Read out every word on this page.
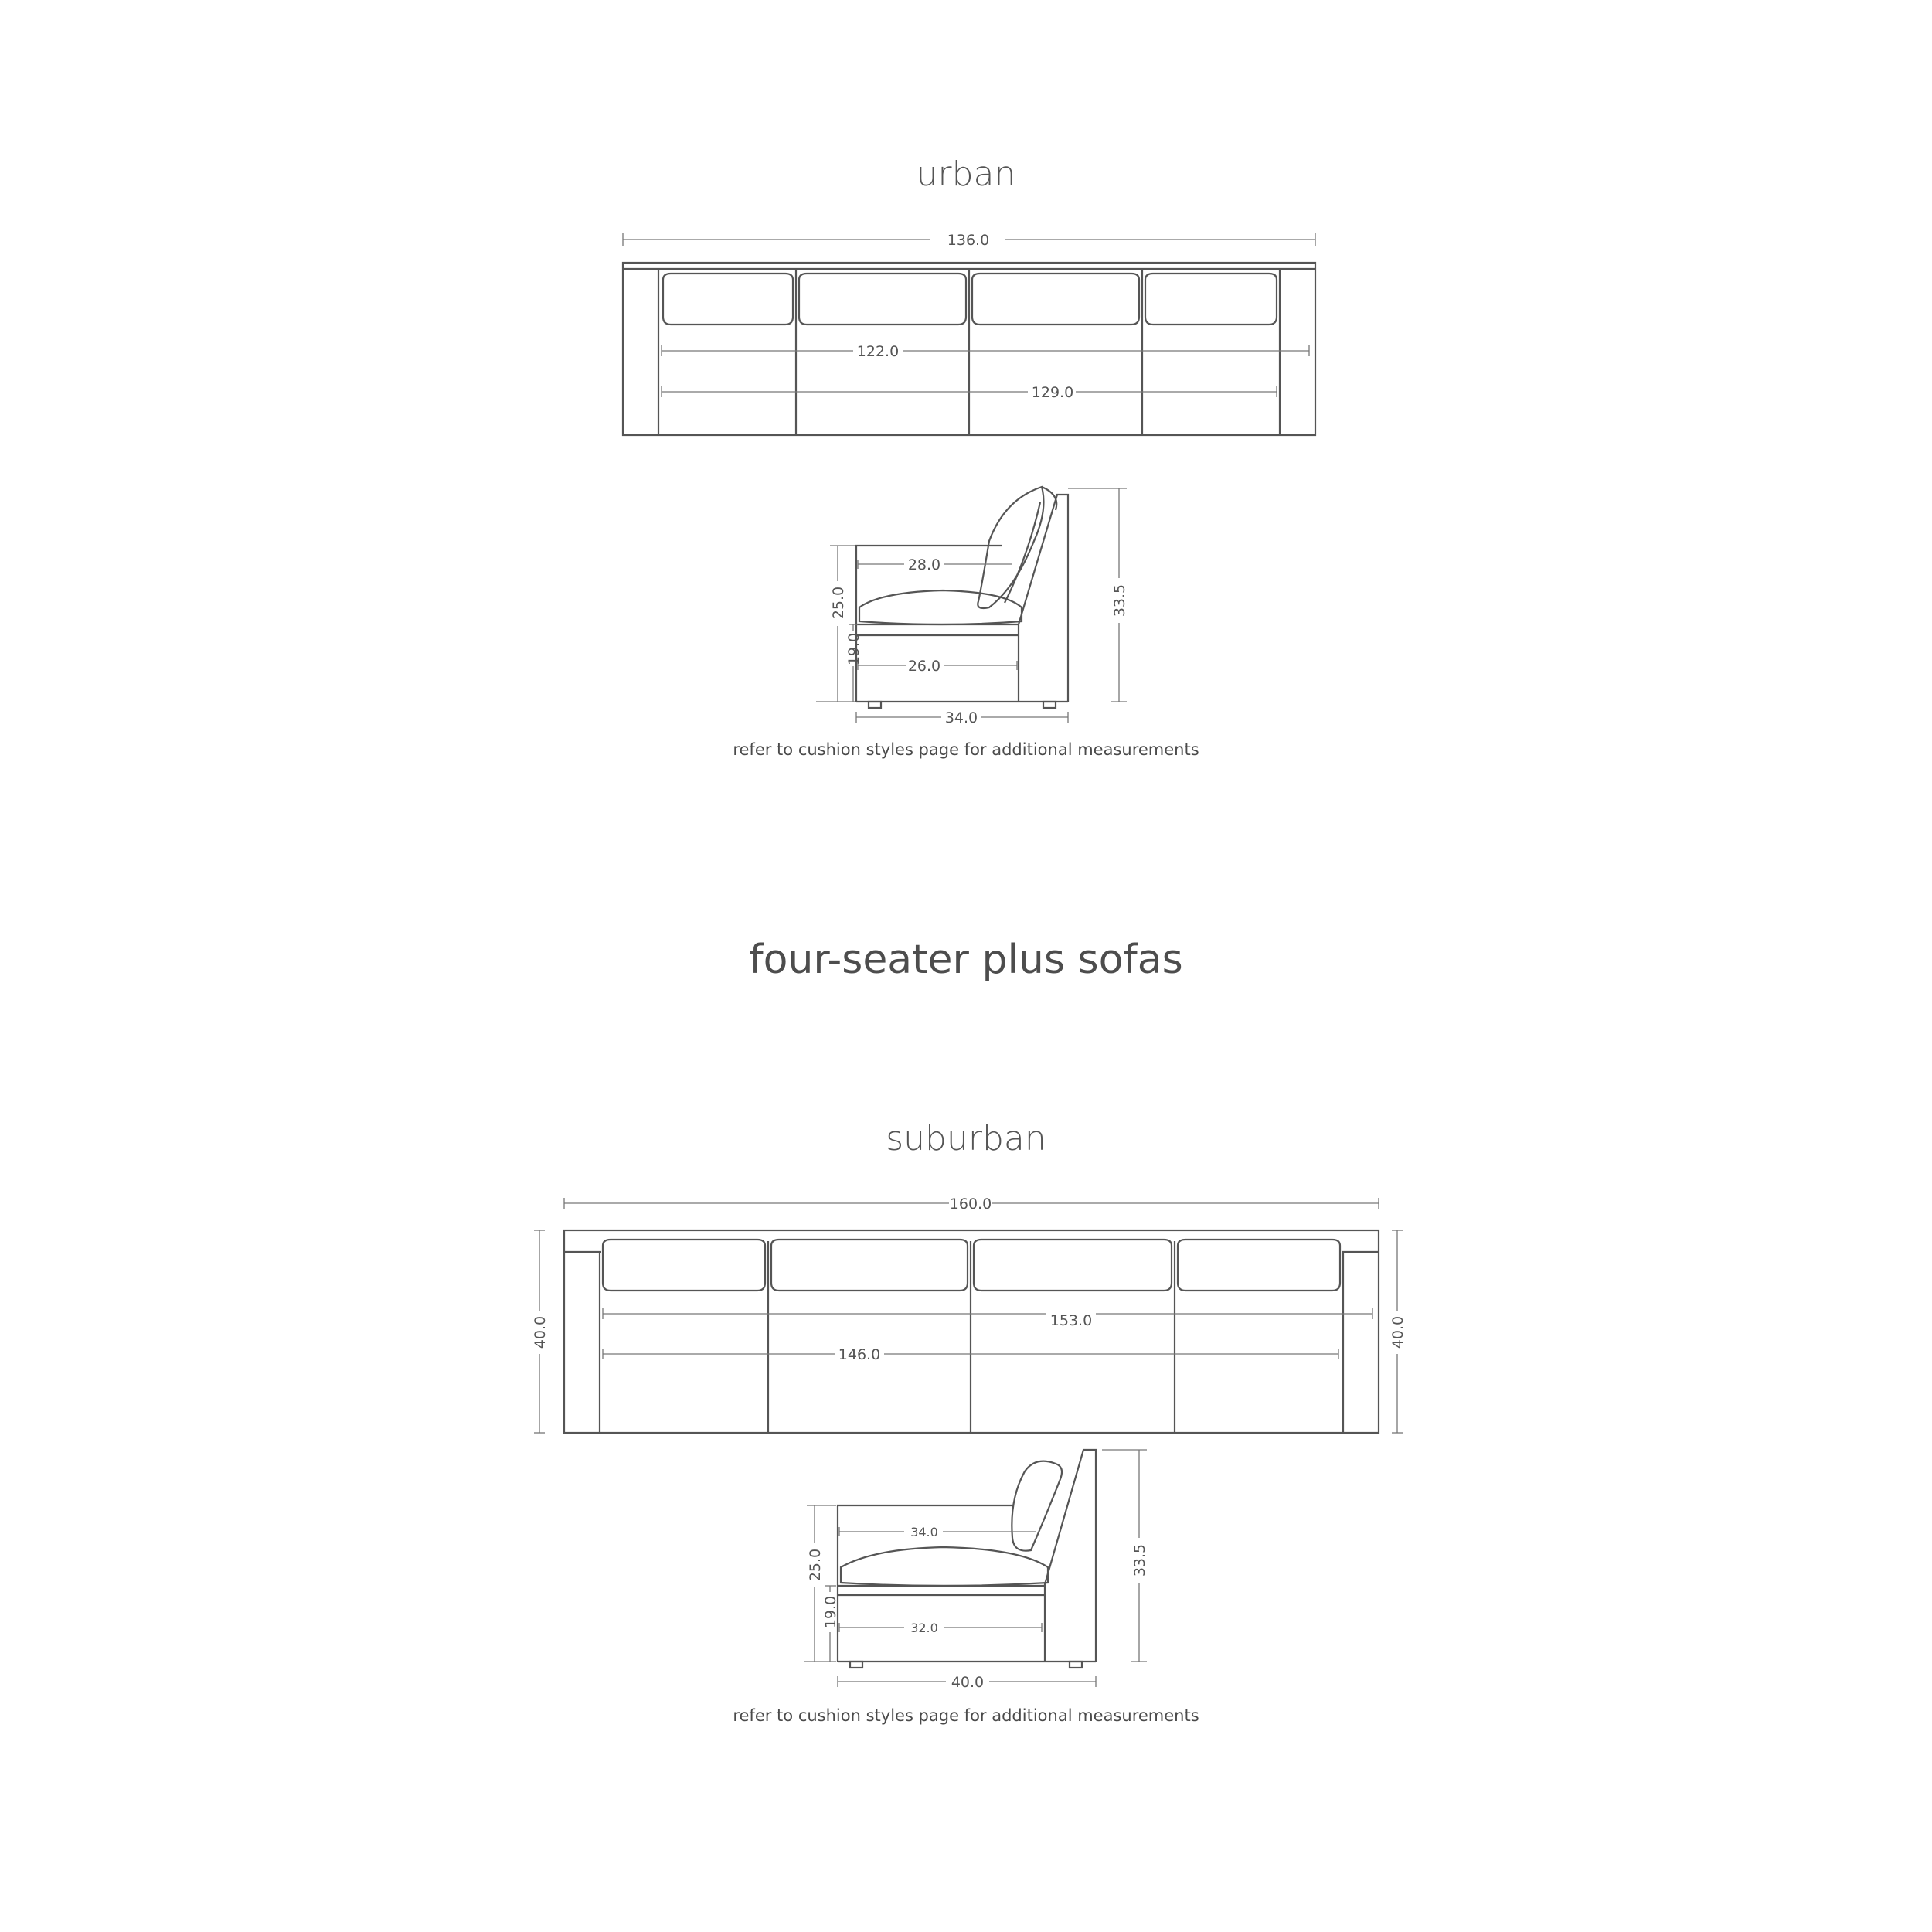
urban
four-seater plus sofas
suburban
refer to cushion styles page for additional measurements
refer to cushion styles page for additional measurements
136.0
122.0
129.0
28.0
26.0
34.0
25.0
19.0
33.5
160.0
153.0
146.0
40.0	40.0
34.0
32.0
40.0
25.0
19.0
33.5
